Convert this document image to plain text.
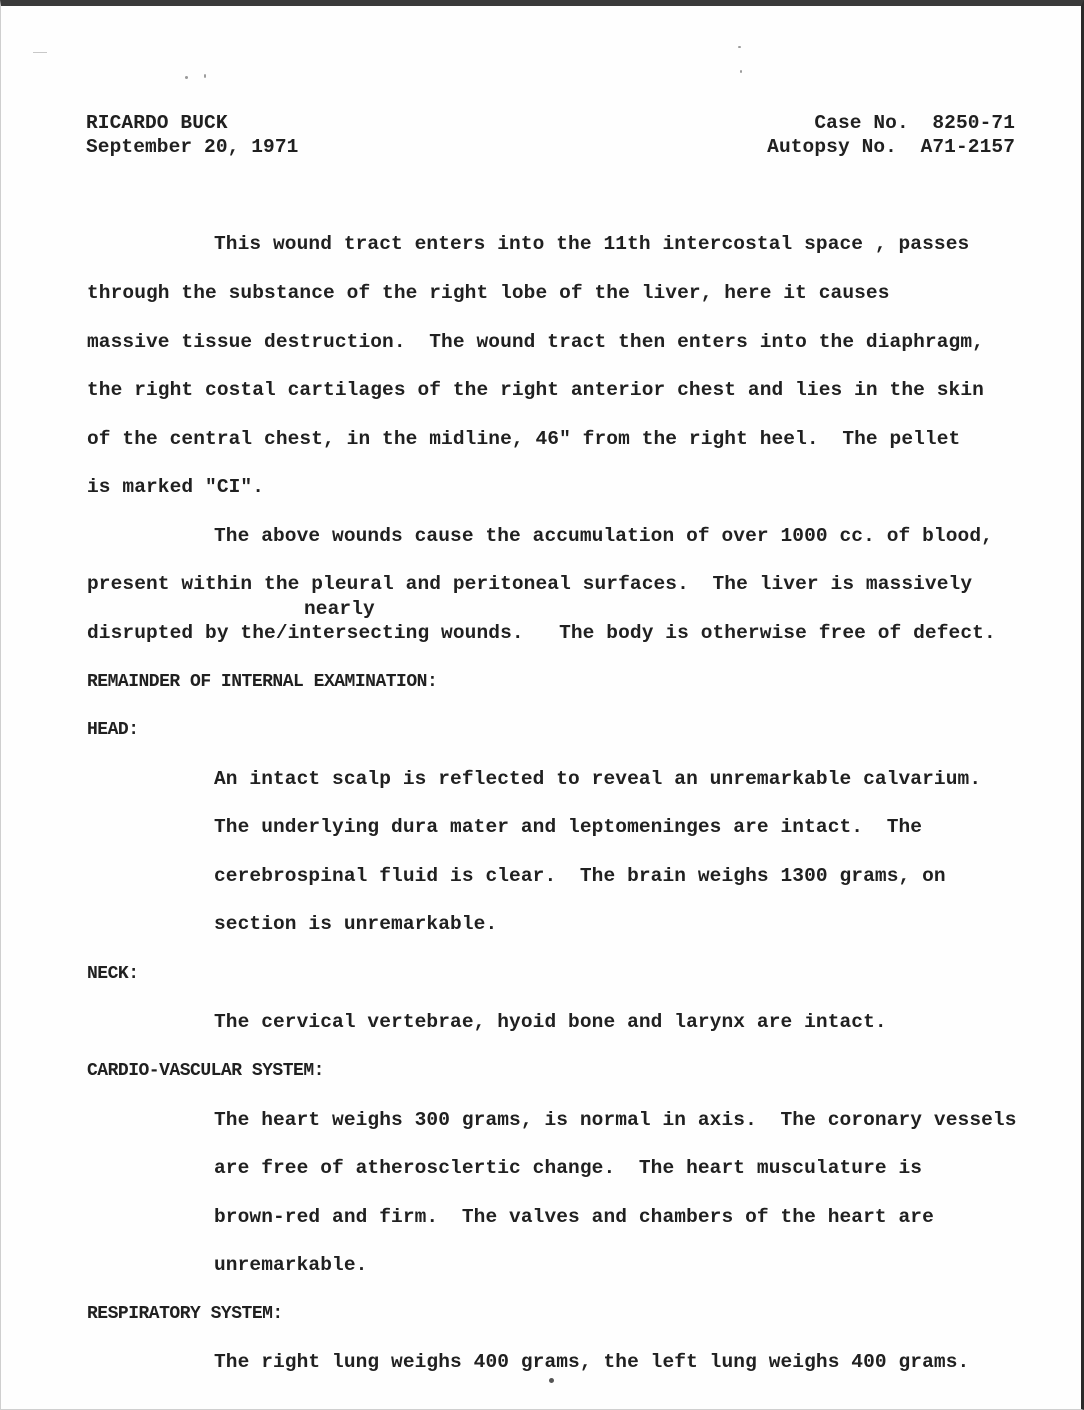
RICARDO BUCK
September 20, 1971
Case No.  8250-71
Autopsy No.  A71-2157
This wound tract enters into the 11th intercostal space , passes
through the substance of the right lobe of the liver, here it causes
massive tissue destruction.  The wound tract then enters into the diaphragm,
the right costal cartilages of the right anterior chest and lies in the skin
of the central chest, in the midline, 46" from the right heel.  The pellet
is marked "CI".
The above wounds cause the accumulation of over 1000 cc. of blood,
present within the pleural and peritoneal surfaces.  The liver is massively
nearly
disrupted by the/intersecting wounds.   The body is otherwise free of defect.
REMAINDER OF INTERNAL EXAMINATION:
HEAD:
An intact scalp is reflected to reveal an unremarkable calvarium.
The underlying dura mater and leptomeninges are intact.  The
cerebrospinal fluid is clear.  The brain weighs 1300 grams, on
section is unremarkable.
NECK:
The cervical vertebrae, hyoid bone and larynx are intact.
CARDIO-VASCULAR SYSTEM:
The heart weighs 300 grams, is normal in axis.  The coronary vessels
are free of atherosclertic change.  The heart musculature is
brown-red and firm.  The valves and chambers of the heart are
unremarkable.
RESPIRATORY SYSTEM:
The right lung weighs 400 grams, the left lung weighs 400 grams.
